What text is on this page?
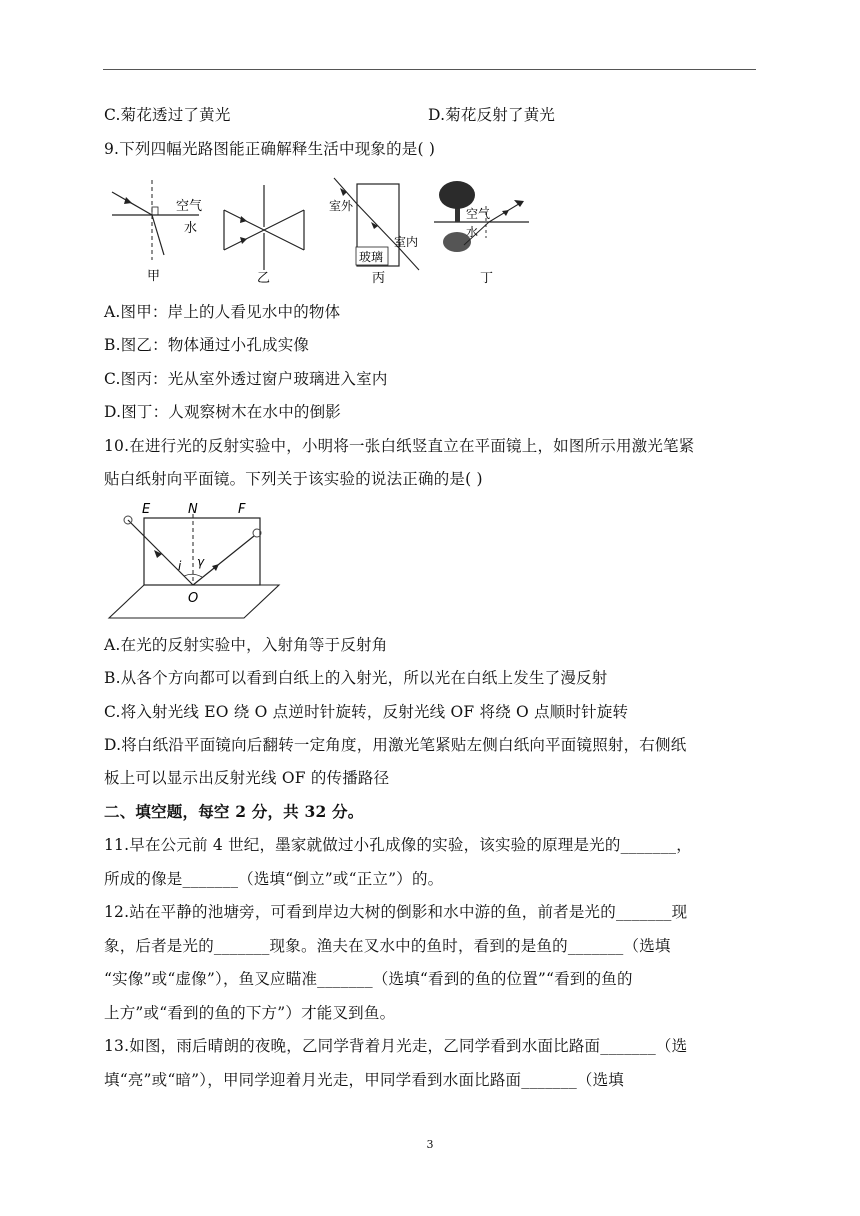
C.菊花透过了黄光	D.菊花反射了黄光
9.下列四幅光路图能正确解释生活中现象的是( )
空气
水
甲	乙
室外
室内
玻璃
丙
空气
水
丁
A.图甲：岸上的人看见水中的物体
B.图乙：物体通过小孔成实像
C.图丙：光从室外透过窗户玻璃进入室内
D.图丁：人观察树木在水中的倒影
10.在进行光的反射实验中，小明将一张白纸竖直立在平面镜上，如图所示用激光笔紧
贴白纸射向平面镜。下列关于该实验的说法正确的是( )
E	N	F
i γ
O
A.在光的反射实验中，入射角等于反射角
B.从各个方向都可以看到白纸上的入射光，所以光在白纸上发生了漫反射
C.将入射光线 EO 绕 O 点逆时针旋转，反射光线 OF 将绕 O 点顺时针旋转
D.将白纸沿平面镜向后翻转一定角度，用激光笔紧贴左侧白纸向平面镜照射，右侧纸
板上可以显示出反射光线 OF 的传播路径
二、填空题，每空 2 分，共 32 分。
11.早在公元前 4 世纪，墨家就做过小孔成像的实验，该实验的原理是光的_______，
所成的像是_______（选填“倒立”或“正立”）的。
12.站在平静的池塘旁，可看到岸边大树的倒影和水中游的鱼，前者是光的_______现
象，后者是光的_______现象。渔夫在叉水中的鱼时，看到的是鱼的_______（选填
“实像”或“虚像”），鱼叉应瞄准_______（选填“看到的鱼的位置”“看到的鱼的
上方”或“看到的鱼的下方”）才能叉到鱼。
13.如图，雨后晴朗的夜晚，乙同学背着月光走，乙同学看到水面比路面_______（选
填“亮”或“暗”），甲同学迎着月光走，甲同学看到水面比路面_______（选填
3
